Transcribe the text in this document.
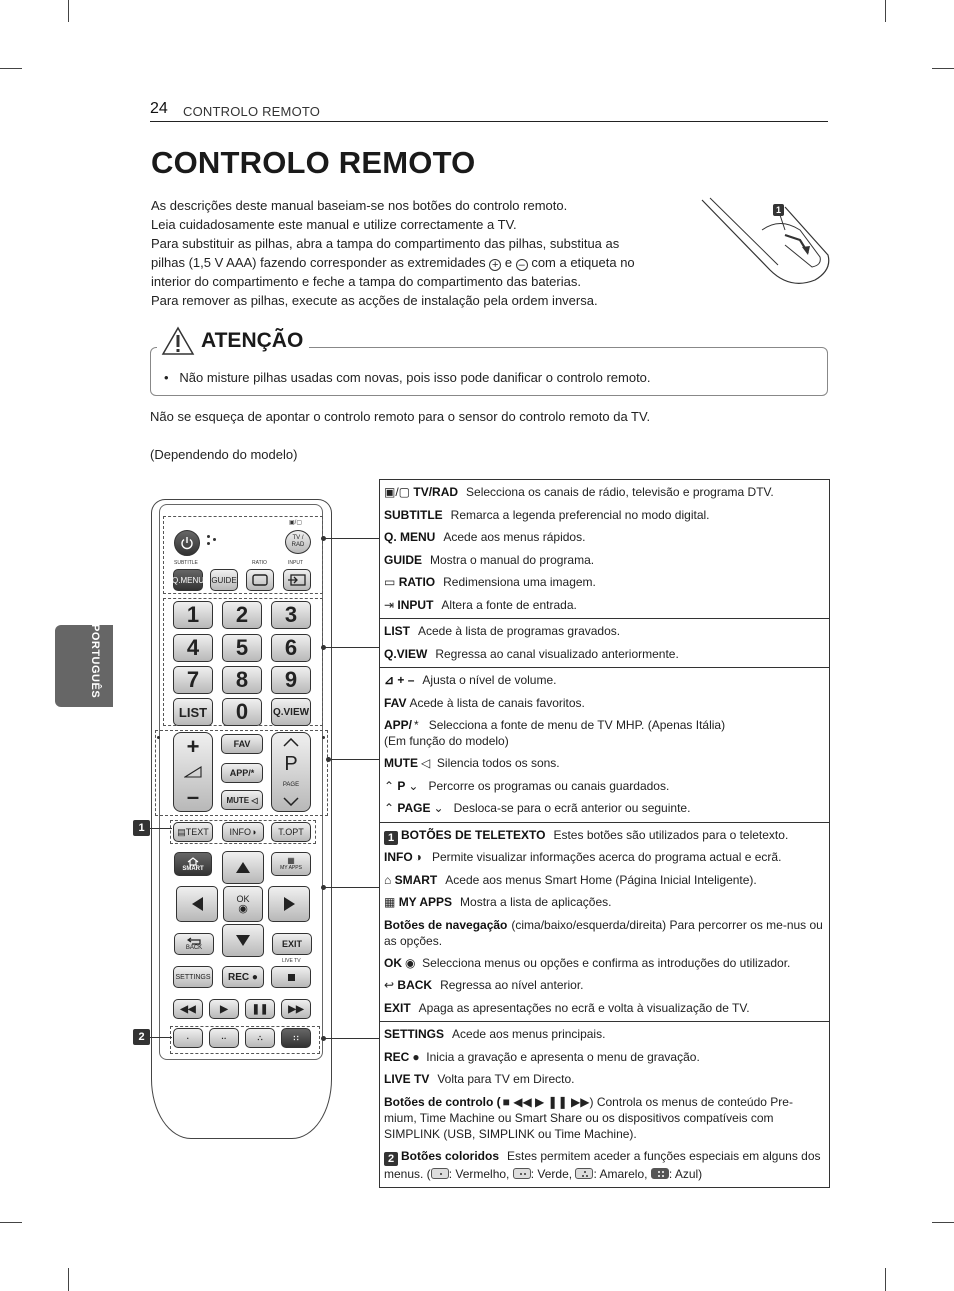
24 CONTROLO REMOTO
CONTROLO REMOTO

As descrições deste manual baseiam-se nos botões do controlo remoto.

Leia cuidadosamente este manual e utilize correctamente a TV.

Para substituir as pilhas, abra a tampa do compartimento das pilhas, substitua as

pilhas (1,5 V AAA) fazendo corresponder as extremidades + e – com a etiqueta no

interior do compartimento e feche a tampa do compartimento das baterias.

Para remover as pilhas, execute as acções de instalação pela ordem inversa.

1
ATENÇÃO
•   Não misture pilhas usadas com novas, pois isso pode danificar o controlo remoto.
Não se esqueça de apontar o controlo remoto para o sensor do controlo remoto da TV.
(Dependendo do modelo)
PORTUGUÊS
▣/▢
TV / RAD
SUBTITLE	RATIO	INPUT
Q.MENU GUIDE
1	2	3
4	5	6
7	8	9
LIST	0	Q.VIEW
+
–
FAV
APP/*
MUTE
◁
P
PAGE
▤ TEXT INFO ◑	T.OPT
SMART
▦
MY APPS
OK
◉
BACK	EXIT
LIVE TV
SETTINGS REC
●
◀◀ ▶ ❚❚ ▶▶
·	··	∴	∷
1
2
▣/▢ TV/RAD Selecciona os canais de rádio, televisão e programa DTV.
SUBTITLE Remarca a legenda preferencial no modo digital.
Q. MENU Acede aos menus rápidos.
GUIDE Mostra o manual do programa.
▭ RATIO Redimensiona uma imagem.
⇥ INPUT Altera a fonte de entrada.
LIST Acede à lista de programas gravados.
Q.VIEW Regressa ao canal visualizado anteriormente.
⊿ + – Ajusta o nível de volume.
FAV Acede à lista de canais favoritos.
APP/ * Selecciona a fonte de menu de TV MHP. (Apenas Itália)
(Em função do modelo)
MUTE ◁ Silencia todos os sons.
⌃ P ⌄ Percorre os programas ou canais guardados.
⌃ PAGE ⌄ Desloca-se para o ecrã anterior ou seguinte.
1 BOTÕES DE TELETEXTO Estes botões são utilizados para o teletexto.
INFO ◑ Permite visualizar informações acerca do programa actual e ecrã.
⌂ SMART Acede aos menus Smart Home (Página Inicial Inteligente).
▦ MY APPS Mostra a lista de aplicações.
Botões de navegação (cima/baixo/esquerda/direita) Para percorrer os me-nus ou as opções.
OK ◉ Selecciona menus ou opções e confirma as introduções do utilizador.
↩ BACK Regressa ao nível anterior.
EXIT Apaga as apresentações no ecrã e volta à visualização de TV.
SETTINGS Acede aos menus principais.
REC ● Inicia a gravação e apresenta o menu de gravação.
LIVE TV Volta para TV em Directo.
Botões de controlo ( ■ ◀◀ ▶ ❚❚ ▶▶) Controla os menus de conteúdo Pre-mium, Time Machine ou Smart Share ou os dispositivos compatíveis com SIMPLINK (USB, SIMPLINK ou Time Machine).
2 Botões coloridos Estes permitem aceder a funções especiais em alguns dos menus. ( : Vermelho, : Verde, : Amarelo, : Azul)
